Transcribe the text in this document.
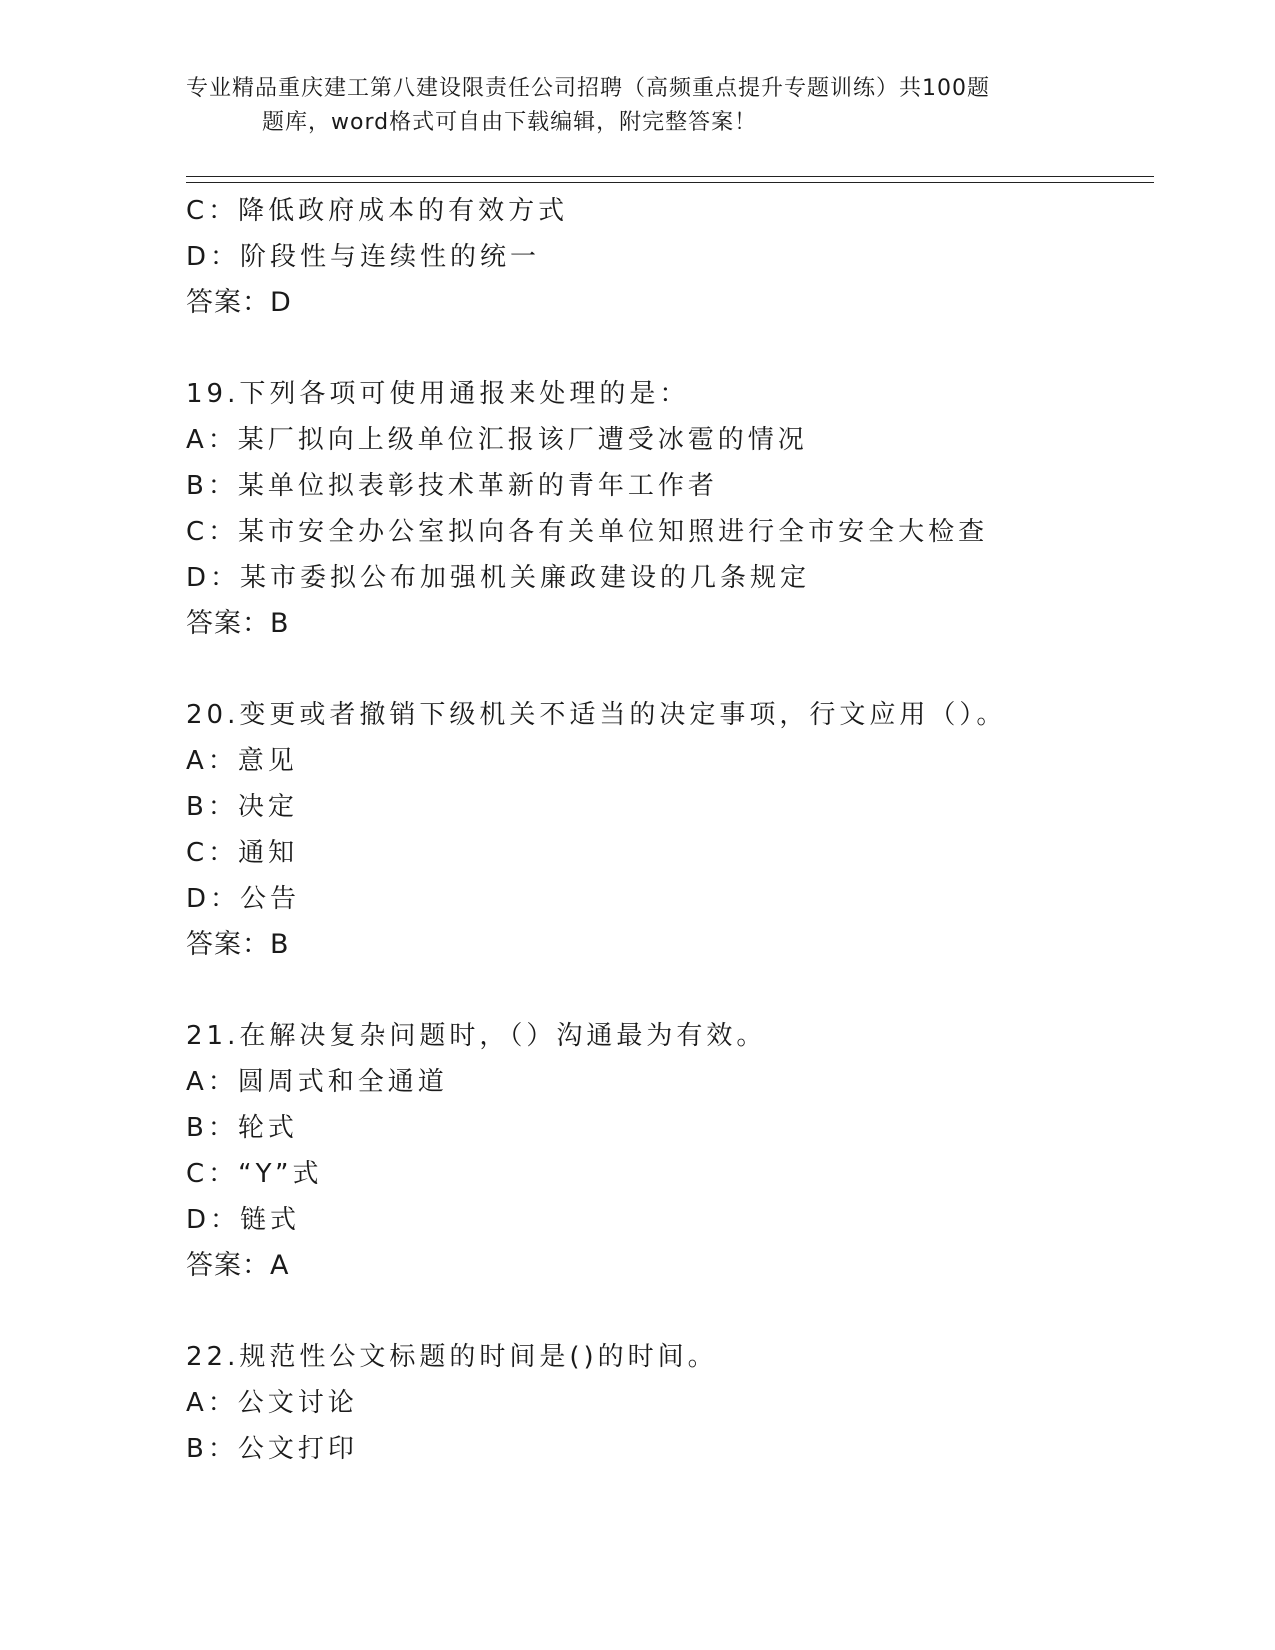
专业精品重庆建工第八建设限责任公司招聘（高频重点提升专题训练）共100题
题库，word格式可自由下载编辑，附完整答案！
C：降低政府成本的有效方式
D：阶段性与连续性的统一
答案：D
19.下列各项可使用通报来处理的是：
A：某厂拟向上级单位汇报该厂遭受冰雹的情况
B：某单位拟表彰技术革新的青年工作者
C：某市安全办公室拟向各有关单位知照进行全市安全大检查
D：某市委拟公布加强机关廉政建设的几条规定
答案：B
20.变更或者撤销下级机关不适当的决定事项，行文应用（）。
A：意见
B：决定
C：通知
D：公告
答案：B
21.在解决复杂问题时，（）沟通最为有效。
A：圆周式和全通道
B：轮式
C：“Y”式
D：链式
答案：A
22.规范性公文标题的时间是()的时间。
A：公文讨论
B：公文打印
